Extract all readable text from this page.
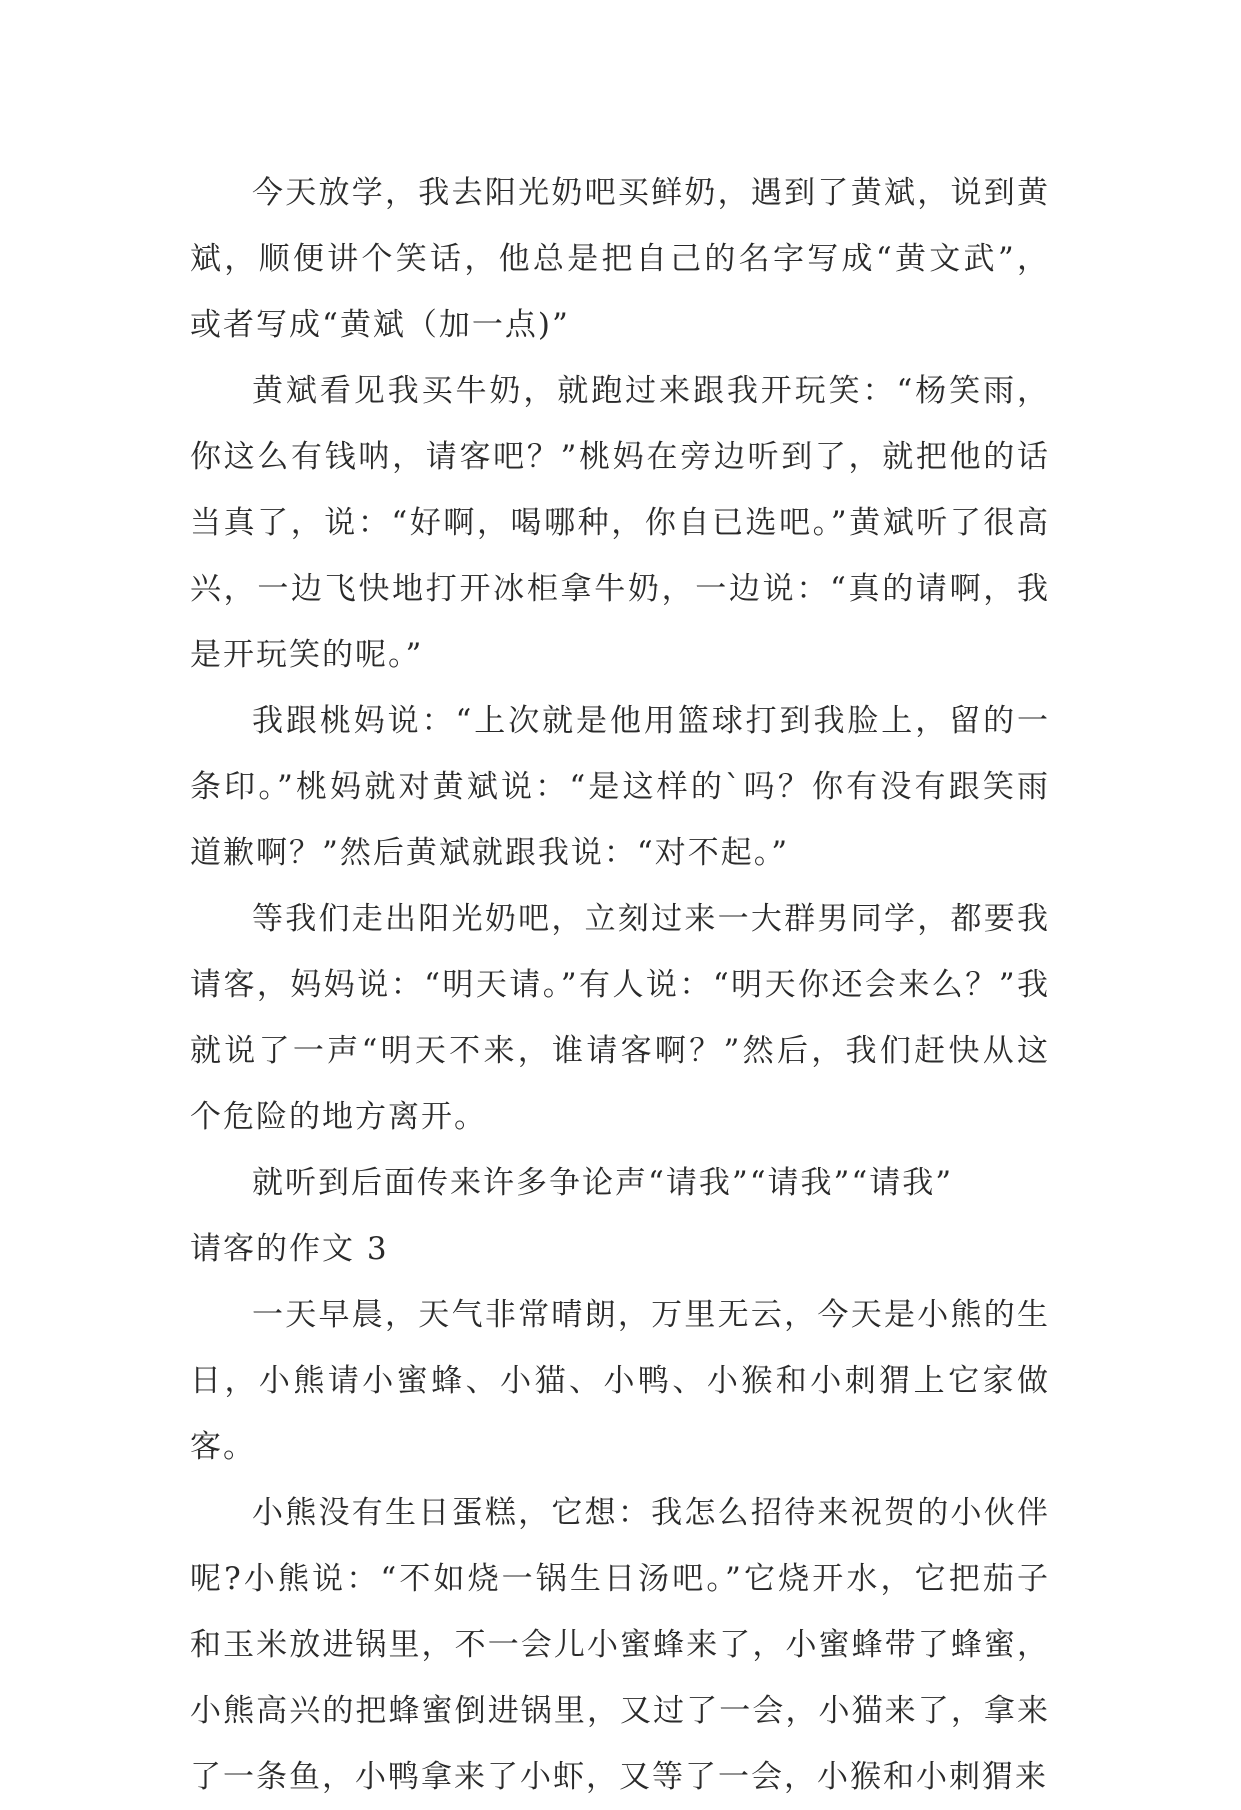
今天放学，我去阳光奶吧买鲜奶，遇到了黄斌，说到黄斌，顺便讲个笑话，他总是把自己的名字写成“黄文武”，或者写成“黄斌（加一点)”

黄斌看见我买牛奶，就跑过来跟我开玩笑：“杨笑雨，你这么有钱呐，请客吧？”桃妈在旁边听到了，就把他的话当真了，说：“好啊，喝哪种，你自已选吧。”黄斌听了很高兴，一边飞快地打开冰柜拿牛奶，一边说：“真的请啊，我是开玩笑的呢。”

我跟桃妈说：“上次就是他用篮球打到我脸上，留的一条印。”桃妈就对黄斌说：“是这样的`吗？你有没有跟笑雨道歉啊？”然后黄斌就跟我说：“对不起。”

等我们走出阳光奶吧，立刻过来一大群男同学，都要我请客，妈妈说：“明天请。”有人说：“明天你还会来么？”我就说了一声“明天不来，谁请客啊？”然后，我们赶快从这个危险的地方离开。

就听到后面传来许多争论声“请我”“请我”“请我”

请客的作文 3

一天早晨，天气非常晴朗，万里无云，今天是小熊的生日，小熊请小蜜蜂、小猫、小鸭、小猴和小刺猬上它家做客。

小熊没有生日蛋糕，它想：我怎么招待来祝贺的小伙伴呢?小熊说：“不如烧一锅生日汤吧。”它烧开水，它把茄子和玉米放进锅里，不一会儿小蜜蜂来了，小蜜蜂带了蜂蜜，小熊高兴的把蜂蜜倒进锅里，又过了一会，小猫来了，拿来了一条鱼，小鸭拿来了小虾，又等了一会，小猴和小刺猬来
